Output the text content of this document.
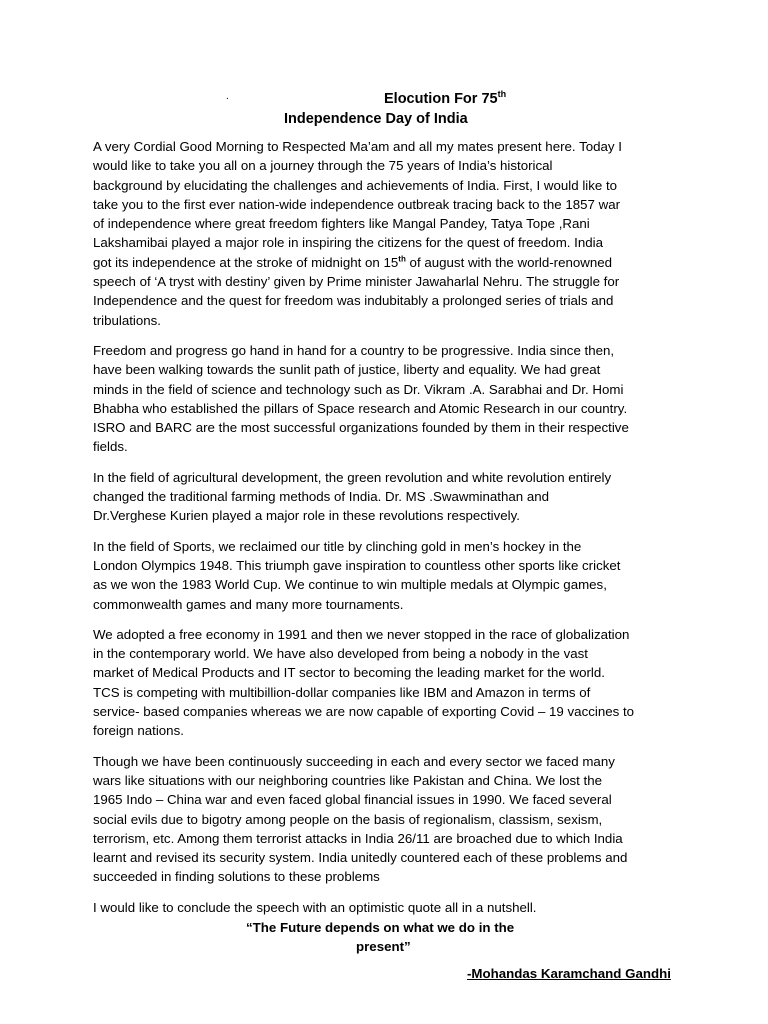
.	Elocution For 75th
Independence Day of India

A very Cordial Good Morning to Respected Ma’am and all my mates present here. Today I
would like to take you all on a journey through the 75 years of India’s historical
background by elucidating the challenges and achievements of India. First, I would like to
take you to the first ever nation-wide independence outbreak tracing back to the 1857 war
of independence where great freedom fighters like Mangal Pandey, Tatya Tope ,Rani
Lakshamibai played a major role in inspiring the citizens for the quest of freedom. India
got its independence at the stroke of midnight on 15th of august with the world-renowned
speech of ‘A tryst with destiny’ given by Prime minister Jawaharlal Nehru. The struggle for
Independence and the quest for freedom was indubitably a prolonged series of trials and
tribulations.

Freedom and progress go hand in hand for a country to be progressive. India since then,
have been walking towards the sunlit path of justice, liberty and equality. We had great
minds in the field of science and technology such as Dr. Vikram .A. Sarabhai and Dr. Homi
Bhabha who established the pillars of Space research and Atomic Research in our country.
ISRO and BARC are the most successful organizations founded by them in their respective
fields.

In the field of agricultural development, the green revolution and white revolution entirely
changed the traditional farming methods of India. Dr. MS .Swawminathan and
Dr.Verghese Kurien played a major role in these revolutions respectively.

In the field of Sports, we reclaimed our title by clinching gold in men’s hockey in the
London Olympics 1948. This triumph gave inspiration to countless other sports like cricket
as we won the 1983 World Cup. We continue to win multiple medals at Olympic games,
commonwealth games and many more tournaments.

We adopted a free economy in 1991 and then we never stopped in the race of globalization
in the contemporary world. We have also developed from being a nobody in the vast
market of Medical Products and IT sector to becoming the leading market for the world.
TCS is competing with multibillion-dollar companies like IBM and Amazon in terms of
service- based companies whereas we are now capable of exporting Covid – 19 vaccines to
foreign nations.

Though we have been continuously succeeding in each and every sector we faced many
wars like situations with our neighboring countries like Pakistan and China. We lost the
1965 Indo – China war and even faced global financial issues in 1990. We faced several
social evils due to bigotry among people on the basis of regionalism, classism, sexism,
terrorism, etc. Among them terrorist attacks in India 26/11 are broached due to which India
learnt and revised its security system. India unitedly countered each of these problems and
succeeded in finding solutions to these problems

I would like to conclude the speech with an optimistic quote all in a nutshell.

“The Future depends on what we do in the
present”
-Mohandas Karamchand Gandhi
